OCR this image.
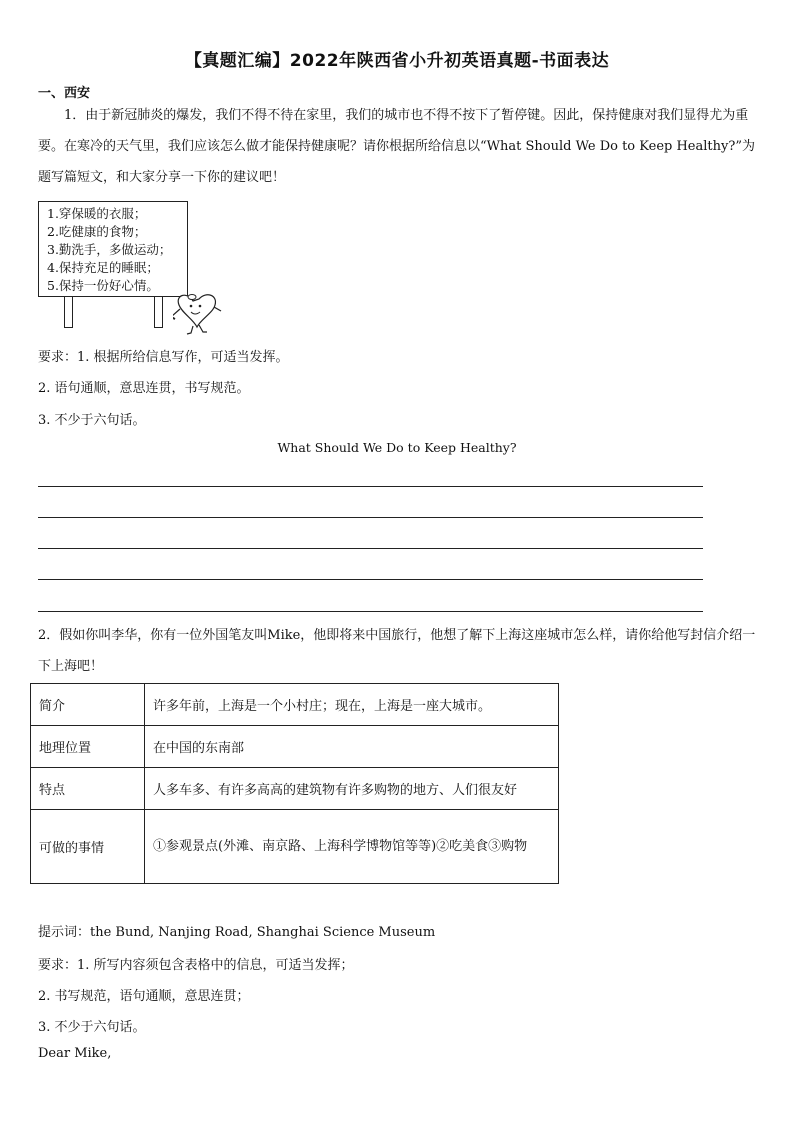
【真题汇编】2022年陕西省小升初英语真题-书面表达
一、西安
1．由于新冠肺炎的爆发，我们不得不待在家里，我们的城市也不得不按下了暂停键。因此，保持健康对我们显得尤为重要。在寒冷的天气里，我们应该怎么做才能保持健康呢？请你根据所给信息以“What Should We Do to Keep Healthy?”为题写篇短文，和大家分享一下你的建议吧！
1.穿保暖的衣服；
2.吃健康的食物；
3.勤洗手，多做运动；
4.保持充足的睡眠；
5.保持一份好心情。
要求：1. 根据所给信息写作，可适当发挥。
2. 语句通顺，意思连贯，书写规范。
3. 不少于六句话。
What Should We Do to Keep Healthy?
2．假如你叫李华，你有一位外国笔友叫Mike，他即将来中国旅行，他想了解下上海这座城市怎么样，请你给他写封信介绍一下上海吧！
简介	许多年前，上海是一个小村庄；现在，上海是一座大城市。
地理位置	在中国的东南部
特点	人多车多、有许多高高的建筑物有许多购物的地方、人们很友好
可做的事情	①参观景点(外滩、南京路、上海科学博物馆等等)②吃美食③购物
提示词：the Bund, Nanjing Road, Shanghai Science Museum
要求：1. 所写内容须包含表格中的信息，可适当发挥；
2. 书写规范，语句通顺，意思连贯；
3. 不少于六句话。
Dear Mike,
